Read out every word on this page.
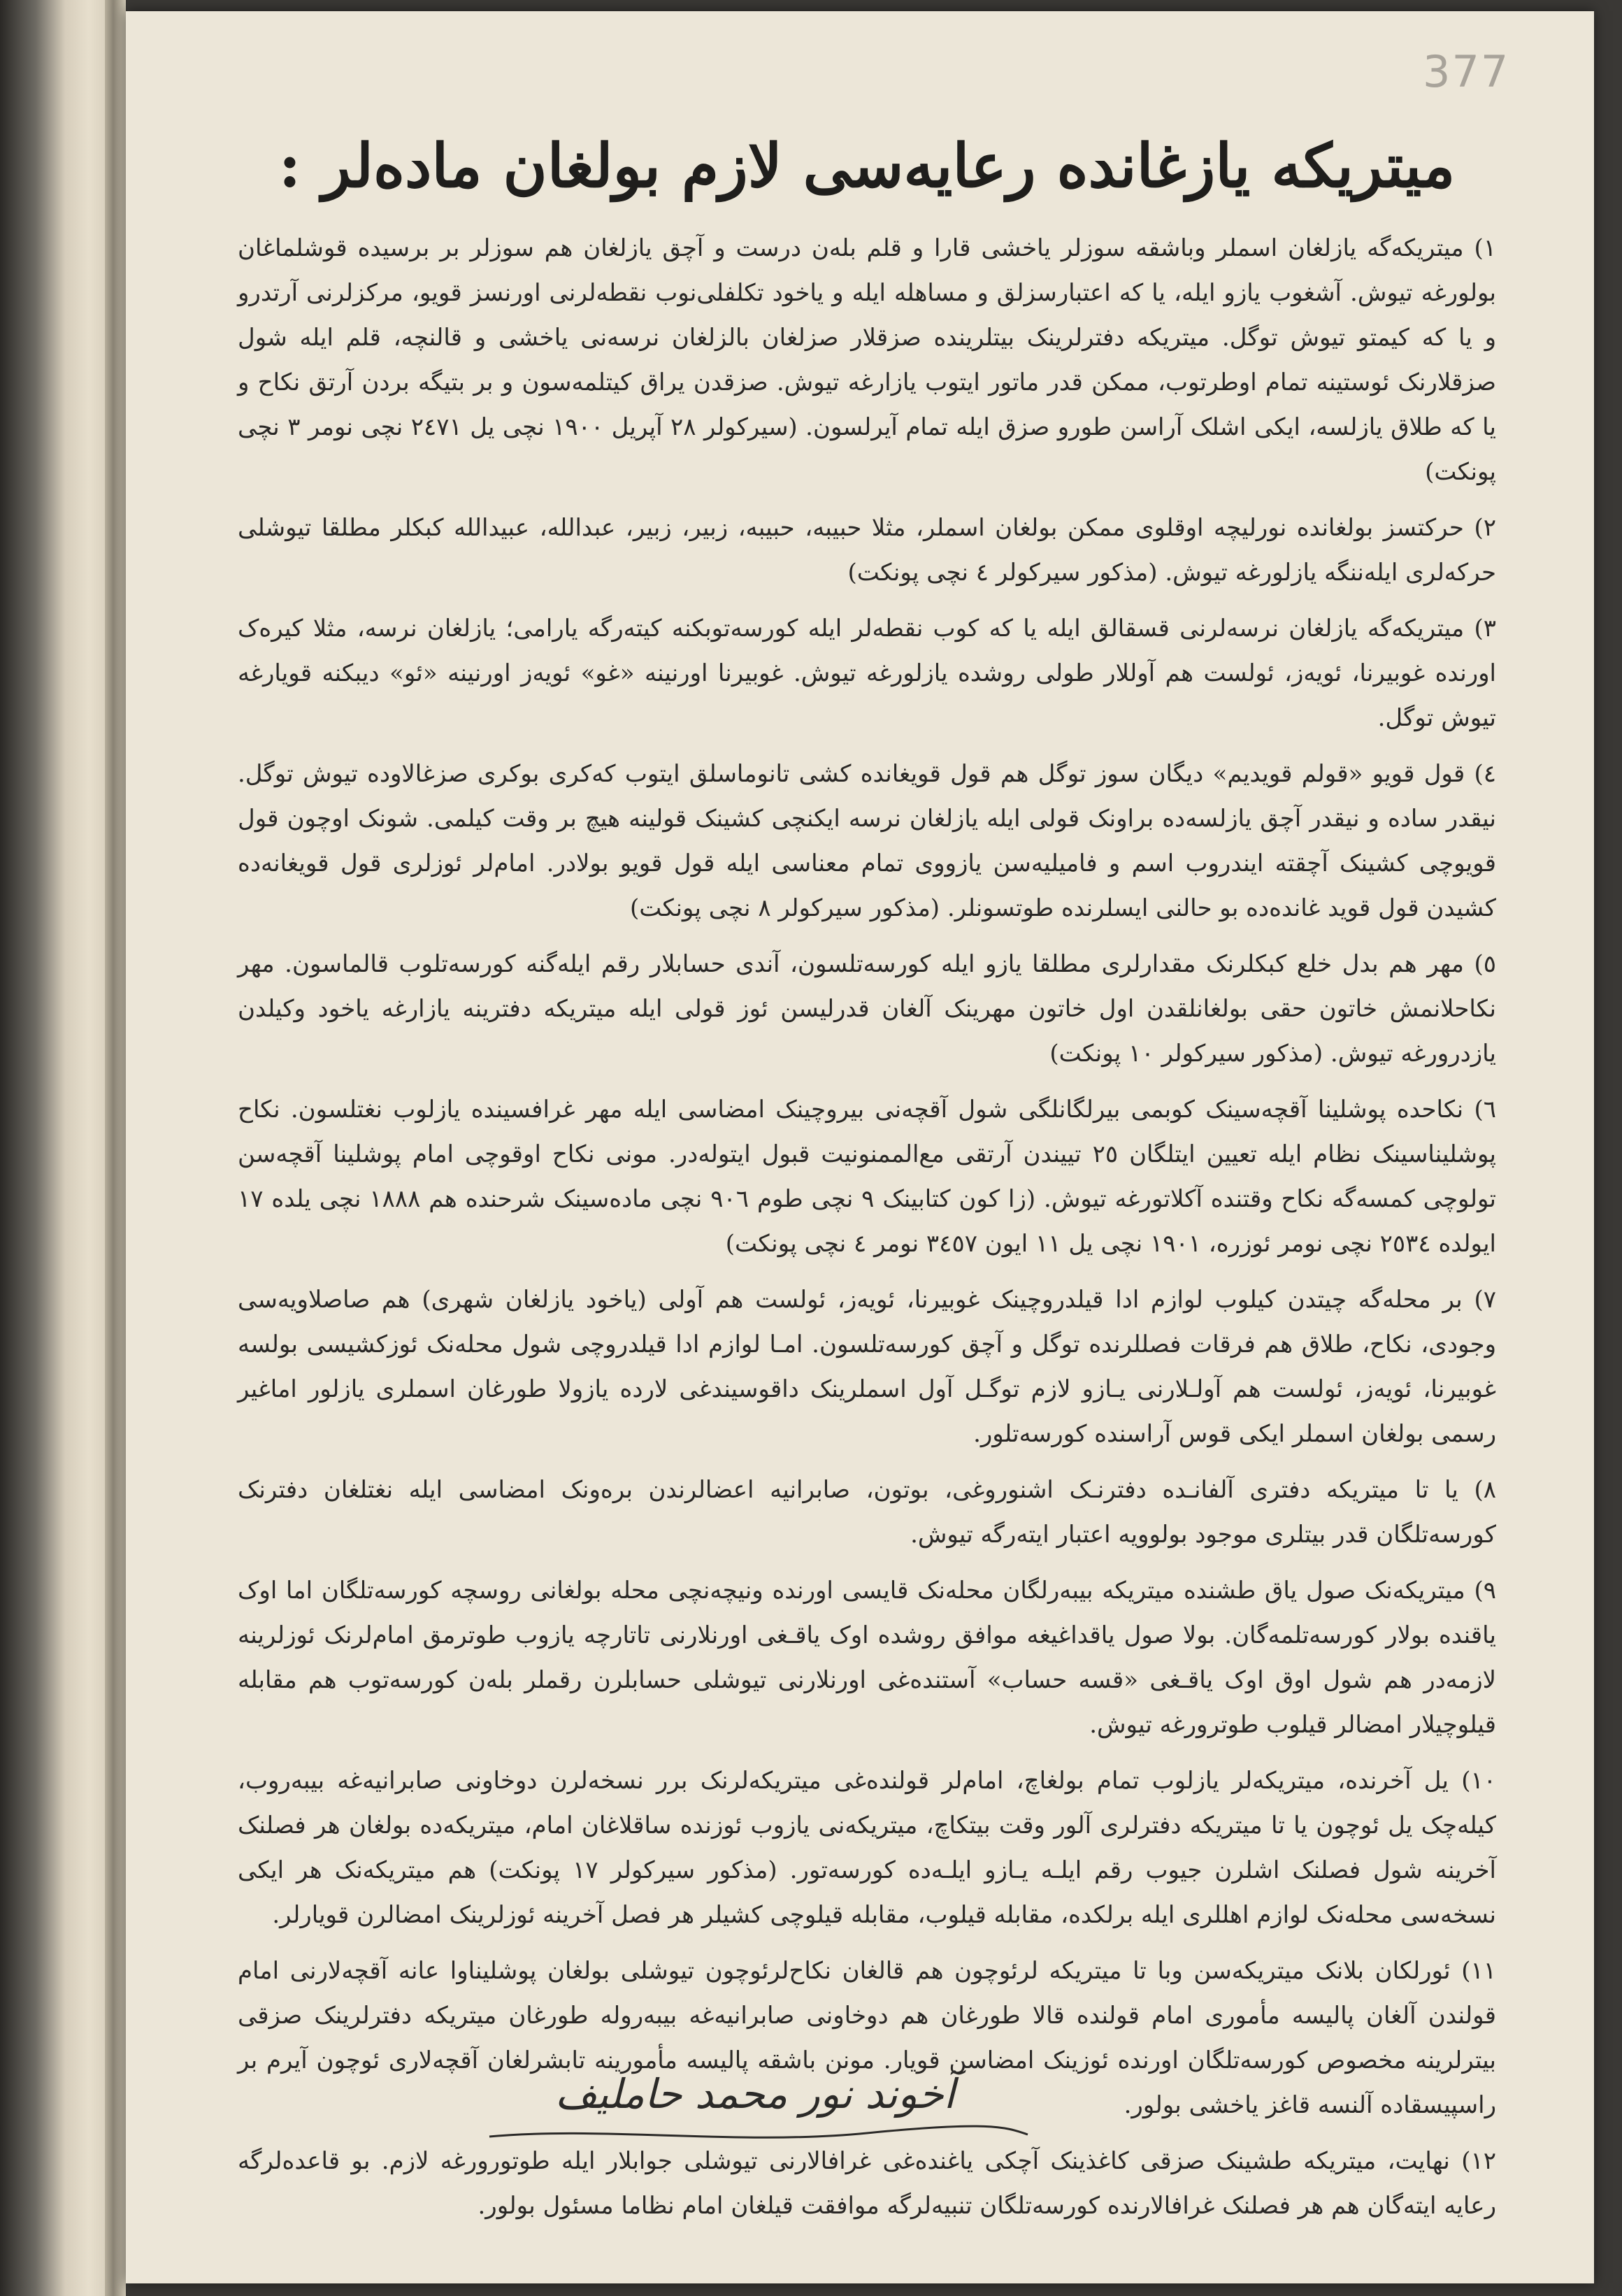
377
میتریکه یازغانده رعایه‌سی لازم بولغان ماده‌لر :

١) میتریکه‌گه یازلغان اسملر وباشقه سوزلر یاخشی قارا و قلم بله‌ن درست و آچق یازلغان هم سوزلر بر برسیده قوشلماغان بولورغه تیوش. آشغوب یازو ایله، یا که اعتبارسزلق و مساهله ایله و یاخود تکلفلی‌نوب نقطه‌لرنی اورنسز قویو، مرکزلرنی آرتدرو و یا که کیمتو تیوش توگل. میتریکه دفترلرینک بیتلرینده صزقلار صزلغان بالزلغان نرسه‌نی یاخشی و قالنچه، قلم ایله شول صزقلارنک ئوستینه تمام اوطرتوب، ممکن قدر ماتور ایتوب یازارغه تیوش. صزقدن یراق کیتلمه‌سون و بر بتیگه بردن آرتق نکاح و یا که طلاق یازلسه، ایکی اشلک آراسن طورو صزق ایله تمام آیرلسون. (سیرکولر ٢٨ آپریل ١٩٠٠ نچی یل ٢٤٧١ نچی نومر ٣ نچی پونکت)

٢) حرکتسز بولغانده‌ نورلیچه اوقلوی ممکن بولغان اسملر، مثلا حبیبه، حبیبه، زبیر، زبیر، عبدالله، عبیدالله کبکلر مطلقا تیوشلی حرکه‌لری ایله‌ننگه یازلورغه تیوش. (مذکور سیرکولر ٤ نچی پونکت)

٣) میتریکه‌گه یازلغان نرسه‌لرنی قسقالق ایله یا که کوب نقطه‌لر ایله کورسه‌توبکنه کیته‌رگه یارامی؛ یازلغان نرسه، مثلا کیره‌ک اورنده غوبیرنا، ئویه‌ز، ئولست هم آوللار طولی روشده یازلورغه تیوش. غوبیرنا اورنینه «غو» ئویه‌ز اورنینه «ئو» دیبکنه قویارغه تیوش توگل.

٤) قول قویو «قولم قویدیم» دیگان سوز توگل هم قول قویغانده کشی تانوماسلق ایتوب که‌کری بو‌کری صزغالاوده تیوش توگل. نیقدر ساده و نیقدر آچق یازلسه‌ده براونک قولی ایله یازلغان نرسه ایکنچی کشینک قولینه هیچ بر وقت کیلمی. شونک اوچون قول قویوچی کشینک آچقته ایندروب اسم و فامیلیه‌سن یازووی تمام معناسی ایله قول قویو بولادر. امام‌لر ئوزلری قول قویغانه‌ده کشیدن قول قوید غانده‌ده بو حالنی ایسلرنده طوتسونلر. (مذکور سیرکولر ٨ نچی پونکت)

٥) مهر هم بدل خلع کبکلرنک مقدارلری مطلقا یازو ایله کورسه‌تلسون، آندی حسابلار رقم ایله‌گنه کورسه‌تلوب قالماسون. مهر نکاحلانمش خاتون حقی بولغانلقدن اول خاتون مهرینک آلغان قدرلیسن ئوز قولی ایله میتریکه دفترینه یازارغه یاخود وکیلدن یازدرورغه تیوش. (مذکور سیرکولر ١٠ پونکت)

٦) نکاحده پوشلینا آقچه‌سینک کوبمی بیرلگانلگی شول آقچه‌نی بیروچینک امضاسی ایله مهر غرافسینده یازلوب نغتلسون. نکاح پوشلیناسینک نظام ایله تعیین ایتلگان ٢٥ تییندن آرتقی مع‌الممنونیت قبول ایتوله‌در. مونی نکاح اوقوچی امام پوشلینا آقچه‌سن تولوچی کمسه‌گه نکاح وقتنده آکلاتورغه تیوش. (زا کون کتابینک ٩ نچی طوم ٩٠٦ نچی ماده‌سینک شرحنده هم ١٨٨٨ نچی یلده ١٧ ایولده ٢٥٣٤ نچی نومر ئوزره، ١٩٠١ نچی یل ١١ ایون ٣٤٥٧ نومر ٤ نچی پونکت)

٧) بر محله‌گه چیتدن کیلوب لوازم ادا قیلدروچینک غوبیرنا، ئویه‌ز، ئولست هم آولی (یاخود یازلغان شهری) هم صاصلاویه‌سی وجودی، نکاح، طلاق هم فرقات فصللرنده توگل و آچق کورسه‌تلسون. امـا لوازم ادا قیلدروچی شول محله‌نک ئوزکشیسی بولسه غوبیرنا، ئویه‌ز، ئولست هم آولـلارنی یـازو لازم توگـل آول اسملرینک داقوسیندغی لارده یازولا طورغان اسملری یازلور اماغیر رسمی بولغان اسملر ایکی قوس آراسنده کورسه‌تلور.

٨) یا تا میتریکه دفتری آلفانـده دفترنـک اشنوروغی، بوتون، صابرانیه اعضالرندن بره‌ونک امضاسی ایله نغتلغان دفترنک کورسه‌تلگان قدر بیتلری موجود بولوویه اعتبار ایته‌رگه تیوش.

٩) میتریکه‌نک صول یاق طشنده میتریکه بیبه‌رلگان محله‌نک قایسی اورنده ونیچه‌نچی محله بولغانی روسچه کورسه‌تلگان اما اوک یاقنده بولار کورسه‌تلمه‌گان. بولا صول یاقداغیغه موافق روشده اوک یاقـغی اورنلارنی تاتارچه یازوب طوترمق امام‌لرنک ئوزلرینه لازمه‌در هم شول اوق اوک یاقـغی «قسه حساب» آستنده‌غی اورنلارنی تیوشلی حسابلرن رقملر بله‌ن کورسه‌توب هم مقابله قیلوچیلار امضالر قیلوب طوترورغه تیوش.

١٠) یل آخرنده، میتریکه‌لر یازلوب تمام بولغاچ، امام‌لر قولنده‌غی میتریکه‌لرنک برر نسخه‌لرن دوخاونی صابرانیه‌غه بیبه‌روب، کیله‌چک یل ئوچون یا تا میتریکه دفترلری آلور وقت بیتکاچ، میتریکه‌نی یازوب ئوزنده ساقلاغان امام، میتریکه‌ده بولغان هر فصلنک آخرینه شول فصلنک اشلرن جیوب رقم ایلـه یـازو ایلـه‌ده کورسه‌تور. (مذکور سیرکولر ١٧ پونکت) هم میتریکه‌نک هر ایکی نسخه‌سی محله‌نک لوازم اهللری ایله برلکده، مقابله قیلوب، مقابله قیلوچی کشیلر هر فصل آخرینه ئوزلرینک امضالرن قویارلر.

١١) ئورلکان بلانک میتریکه‌سن وبا تا میتریکه لرئوچون هم قالغان نکاح‌لرئوچون تیوشلی بولغان پوشلیناوا عانه آقچه‌لارنی امام قولندن آلغان پالیسه مأموری امام قولنده قالا طورغان هم دوخاونی صابرانیه‌غه بیبه‌روله طورغان میتریکه دفترلرینک صزقی بیترلرینه مخصوص کورسه‌تلگان اورنده ئوزینک امضاسن قویار. مونن باشقه پالیسه مأمورینه تابشرلغان آقچه‌لاری ئوچون آیرم بر راسپیسقاده آلنسه قاغز یاخشی بولور.

١٢) نهایت، میتریکه طشینک صزقی کاغذینک آچکی یاغنده‌غی غرافالارنی تیوشلی جوابلار ایله طوتورورغه لازم. بو قاعده‌لرگه رعایه ایته‌گان هم هر فصلنک غرافالارنده کورسه‌تلگان تنبیه‌لرگه موافقت قیلغان امام نظاما مسئول بولور.

آخوند نور محمد حاملیف
